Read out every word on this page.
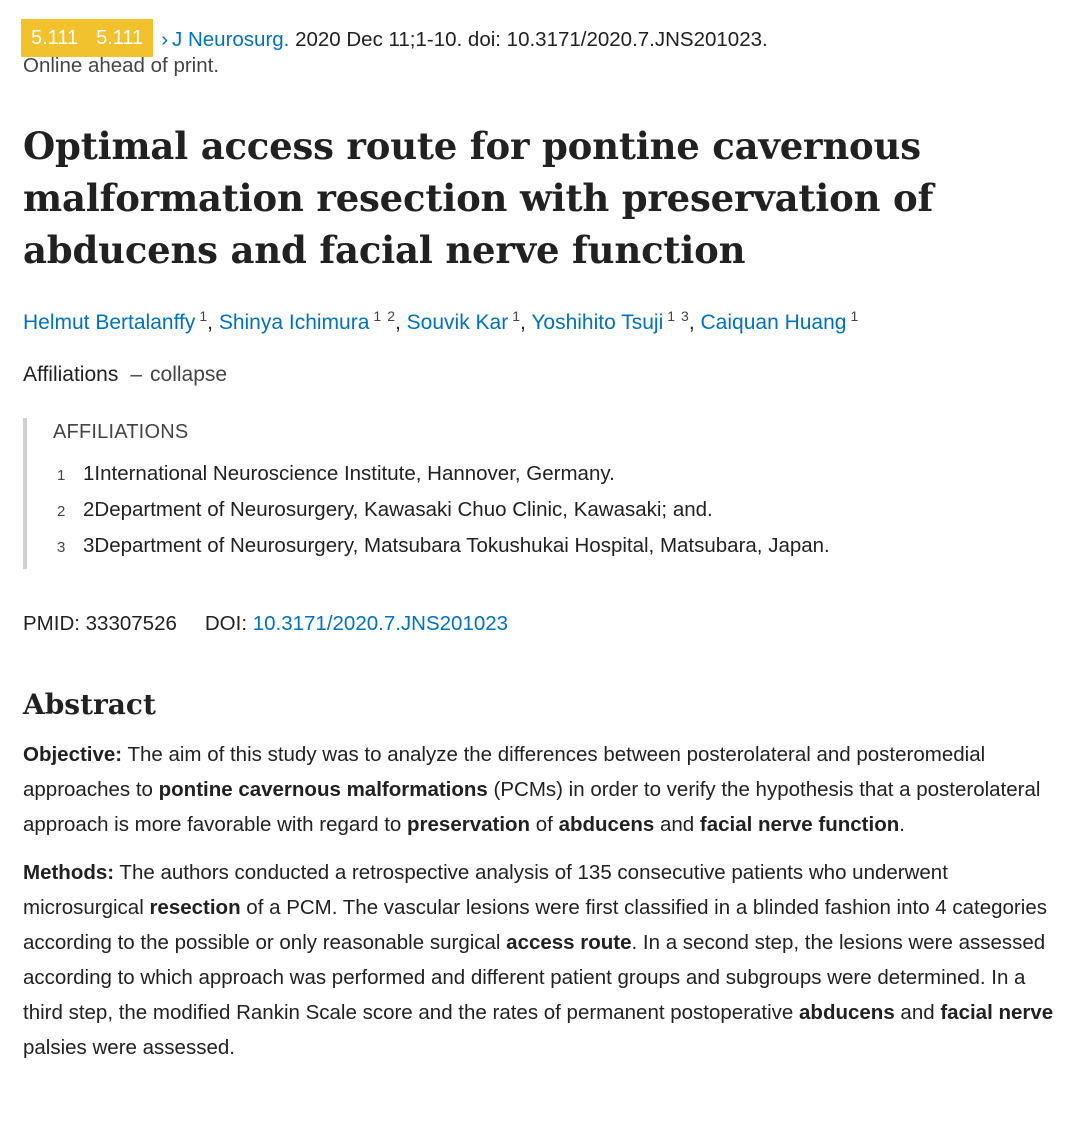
5.111 5.111 › J Neurosurg. 2020 Dec 11;1-10. doi: 10.3171/2020.7.JNS201023.
Online ahead of print.
Optimal access route for pontine cavernous malformation resection with preservation of abducens and facial nerve function
Helmut Bertalanffy $^1$, Shinya Ichimura $^1$ $^2$, Souvik Kar $^1$, Yoshihito Tsuji $^1$ $^3$, Caiquan Huang $^1$
Affiliations – collapse
AFFILIATIONS
1 1International Neuroscience Institute, Hannover, Germany.
2 2Department of Neurosurgery, Kawasaki Chuo Clinic, Kawasaki; and.
3 3Department of Neurosurgery, Matsubara Tokushukai Hospital, Matsubara, Japan.
PMID: 33307526 DOI: 10.3171/2020.7.JNS201023
Abstract
Objective: The aim of this study was to analyze the differences between posterolateral and posteromedial approaches to pontine cavernous malformations (PCMs) in order to verify the hypothesis that a posterolateral approach is more favorable with regard to preservation of abducens and facial nerve function.
Methods: The authors conducted a retrospective analysis of 135 consecutive patients who underwent microsurgical resection of a PCM. The vascular lesions were first classified in a blinded fashion into 4 categories according to the possible or only reasonable surgical access route. In a second step, the lesions were assessed according to which approach was performed and different patient groups and subgroups were determined. In a third step, the modified Rankin Scale score and the rates of permanent postoperative abducens and facial nerve palsies were assessed.
